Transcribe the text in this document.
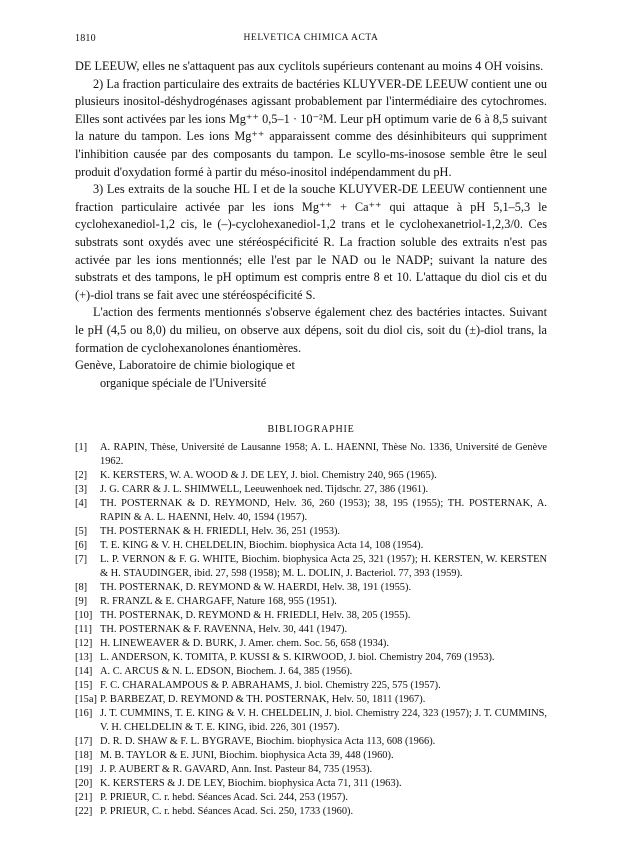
1810	HELVETICA CHIMICA ACTA

DE LEEUW, elles ne s'attaquent pas aux cyclitols supérieurs contenant au moins 4 OH voisins.

2) La fraction particulaire des extraits de bactéries KLUYVER-DE LEEUW contient une ou plusieurs inositol-déshydrogénases agissant probablement par l'intermédiaire des cytochromes. Elles sont activées par les ions Mg⁺⁺ 0,5–1 · 10⁻²M. Leur pH optimum varie de 6 à 8,5 suivant la nature du tampon. Les ions Mg⁺⁺ apparaissent comme des désinhibiteurs qui suppriment l'inhibition causée par des composants du tampon. Le scyllo-ms-inosose semble être le seul produit d'oxydation formé à partir du méso-inositol indépendamment du pH.

3) Les extraits de la souche HL I et de la souche KLUYVER-DE LEEUW contiennent une fraction particulaire activée par les ions Mg⁺⁺ + Ca⁺⁺ qui attaque à pH 5,1–5,3 le cyclohexanediol-1,2 cis, le (–)-cyclohexanediol-1,2 trans et le cyclohexanetriol-1,2,3/0. Ces substrats sont oxydés avec une stéréospécificité R. La fraction soluble des extraits n'est pas activée par les ions mentionnés; elle l'est par le NAD ou le NADP; suivant la nature des substrats et des tampons, le pH optimum est compris entre 8 et 10. L'attaque du diol cis et du (+)-diol trans se fait avec une stéréospécificité S.

L'action des ferments mentionnés s'observe également chez des bactéries intactes. Suivant le pH (4,5 ou 8,0) du milieu, on observe aux dépens, soit du diol cis, soit du (±)-diol trans, la formation de cyclohexanolones énantiomères.

Genève, Laboratoire de chimie biologique et
organique spéciale de l'Université

BIBLIOGRAPHIE
[1]	A. RAPIN, Thèse, Université de Lausanne 1958; A. L. HAENNI, Thèse No. 1336, Université de Genève 1962.
[2]	K. KERSTERS, W. A. WOOD & J. DE LEY, J. biol. Chemistry 240, 965 (1965).
[3]	J. G. CARR & J. L. SHIMWELL, Leeuwenhoek ned. Tijdschr. 27, 386 (1961).
[4]	TH. POSTERNAK & D. REYMOND, Helv. 36, 260 (1953); 38, 195 (1955); TH. POSTERNAK, A. RAPIN & A. L. HAENNI, Helv. 40, 1594 (1957).
[5]	TH. POSTERNAK & H. FRIEDLI, Helv. 36, 251 (1953).
[6]	T. E. KING & V. H. CHELDELIN, Biochim. biophysica Acta 14, 108 (1954).
[7]	L. P. VERNON & F. G. WHITE, Biochim. biophysica Acta 25, 321 (1957); H. KERSTEN, W. KERSTEN & H. STAUDINGER, ibid. 27, 598 (1958); M. L. DOLIN, J. Bacteriol. 77, 393 (1959).
[8]	TH. POSTERNAK, D. REYMOND & W. HAERDI, Helv. 38, 191 (1955).
[9]	R. FRANZL & E. CHARGAFF, Nature 168, 955 (1951).
[10] TH. POSTERNAK, D. REYMOND & H. FRIEDLI, Helv. 38, 205 (1955).
[11] TH. POSTERNAK & F. RAVENNA, Helv. 30, 441 (1947).
[12] H. LINEWEAVER & D. BURK, J. Amer. chem. Soc. 56, 658 (1934).
[13] L. ANDERSON, K. TOMITA, P. KUSSI & S. KIRWOOD, J. biol. Chemistry 204, 769 (1953).
[14] A. C. ARCUS & N. L. EDSON, Biochem. J. 64, 385 (1956).
[15] F. C. CHARALAMPOUS & P. ABRAHAMS, J. biol. Chemistry 225, 575 (1957).
[15a] P. BARBEZAT, D. REYMOND & TH. POSTERNAK, Helv. 50, 1811 (1967).
[16] J. T. CUMMINS, T. E. KING & V. H. CHELDELIN, J. biol. Chemistry 224, 323 (1957); J. T. CUMMINS, V. H. CHELDELIN & T. E. KING, ibid. 226, 301 (1957).
[17] D. R. D. SHAW & F. L. BYGRAVE, Biochim. biophysica Acta 113, 608 (1966).
[18] M. B. TAYLOR & E. JUNI, Biochim. biophysica Acta 39, 448 (1960).
[19] J. P. AUBERT & R. GAVARD, Ann. Inst. Pasteur 84, 735 (1953).
[20] K. KERSTERS & J. DE LEY, Biochim. biophysica Acta 71, 311 (1963).
[21] P. PRIEUR, C. r. hebd. Séances Acad. Sci. 244, 253 (1957).
[22] P. PRIEUR, C. r. hebd. Séances Acad. Sci. 250, 1733 (1960).
